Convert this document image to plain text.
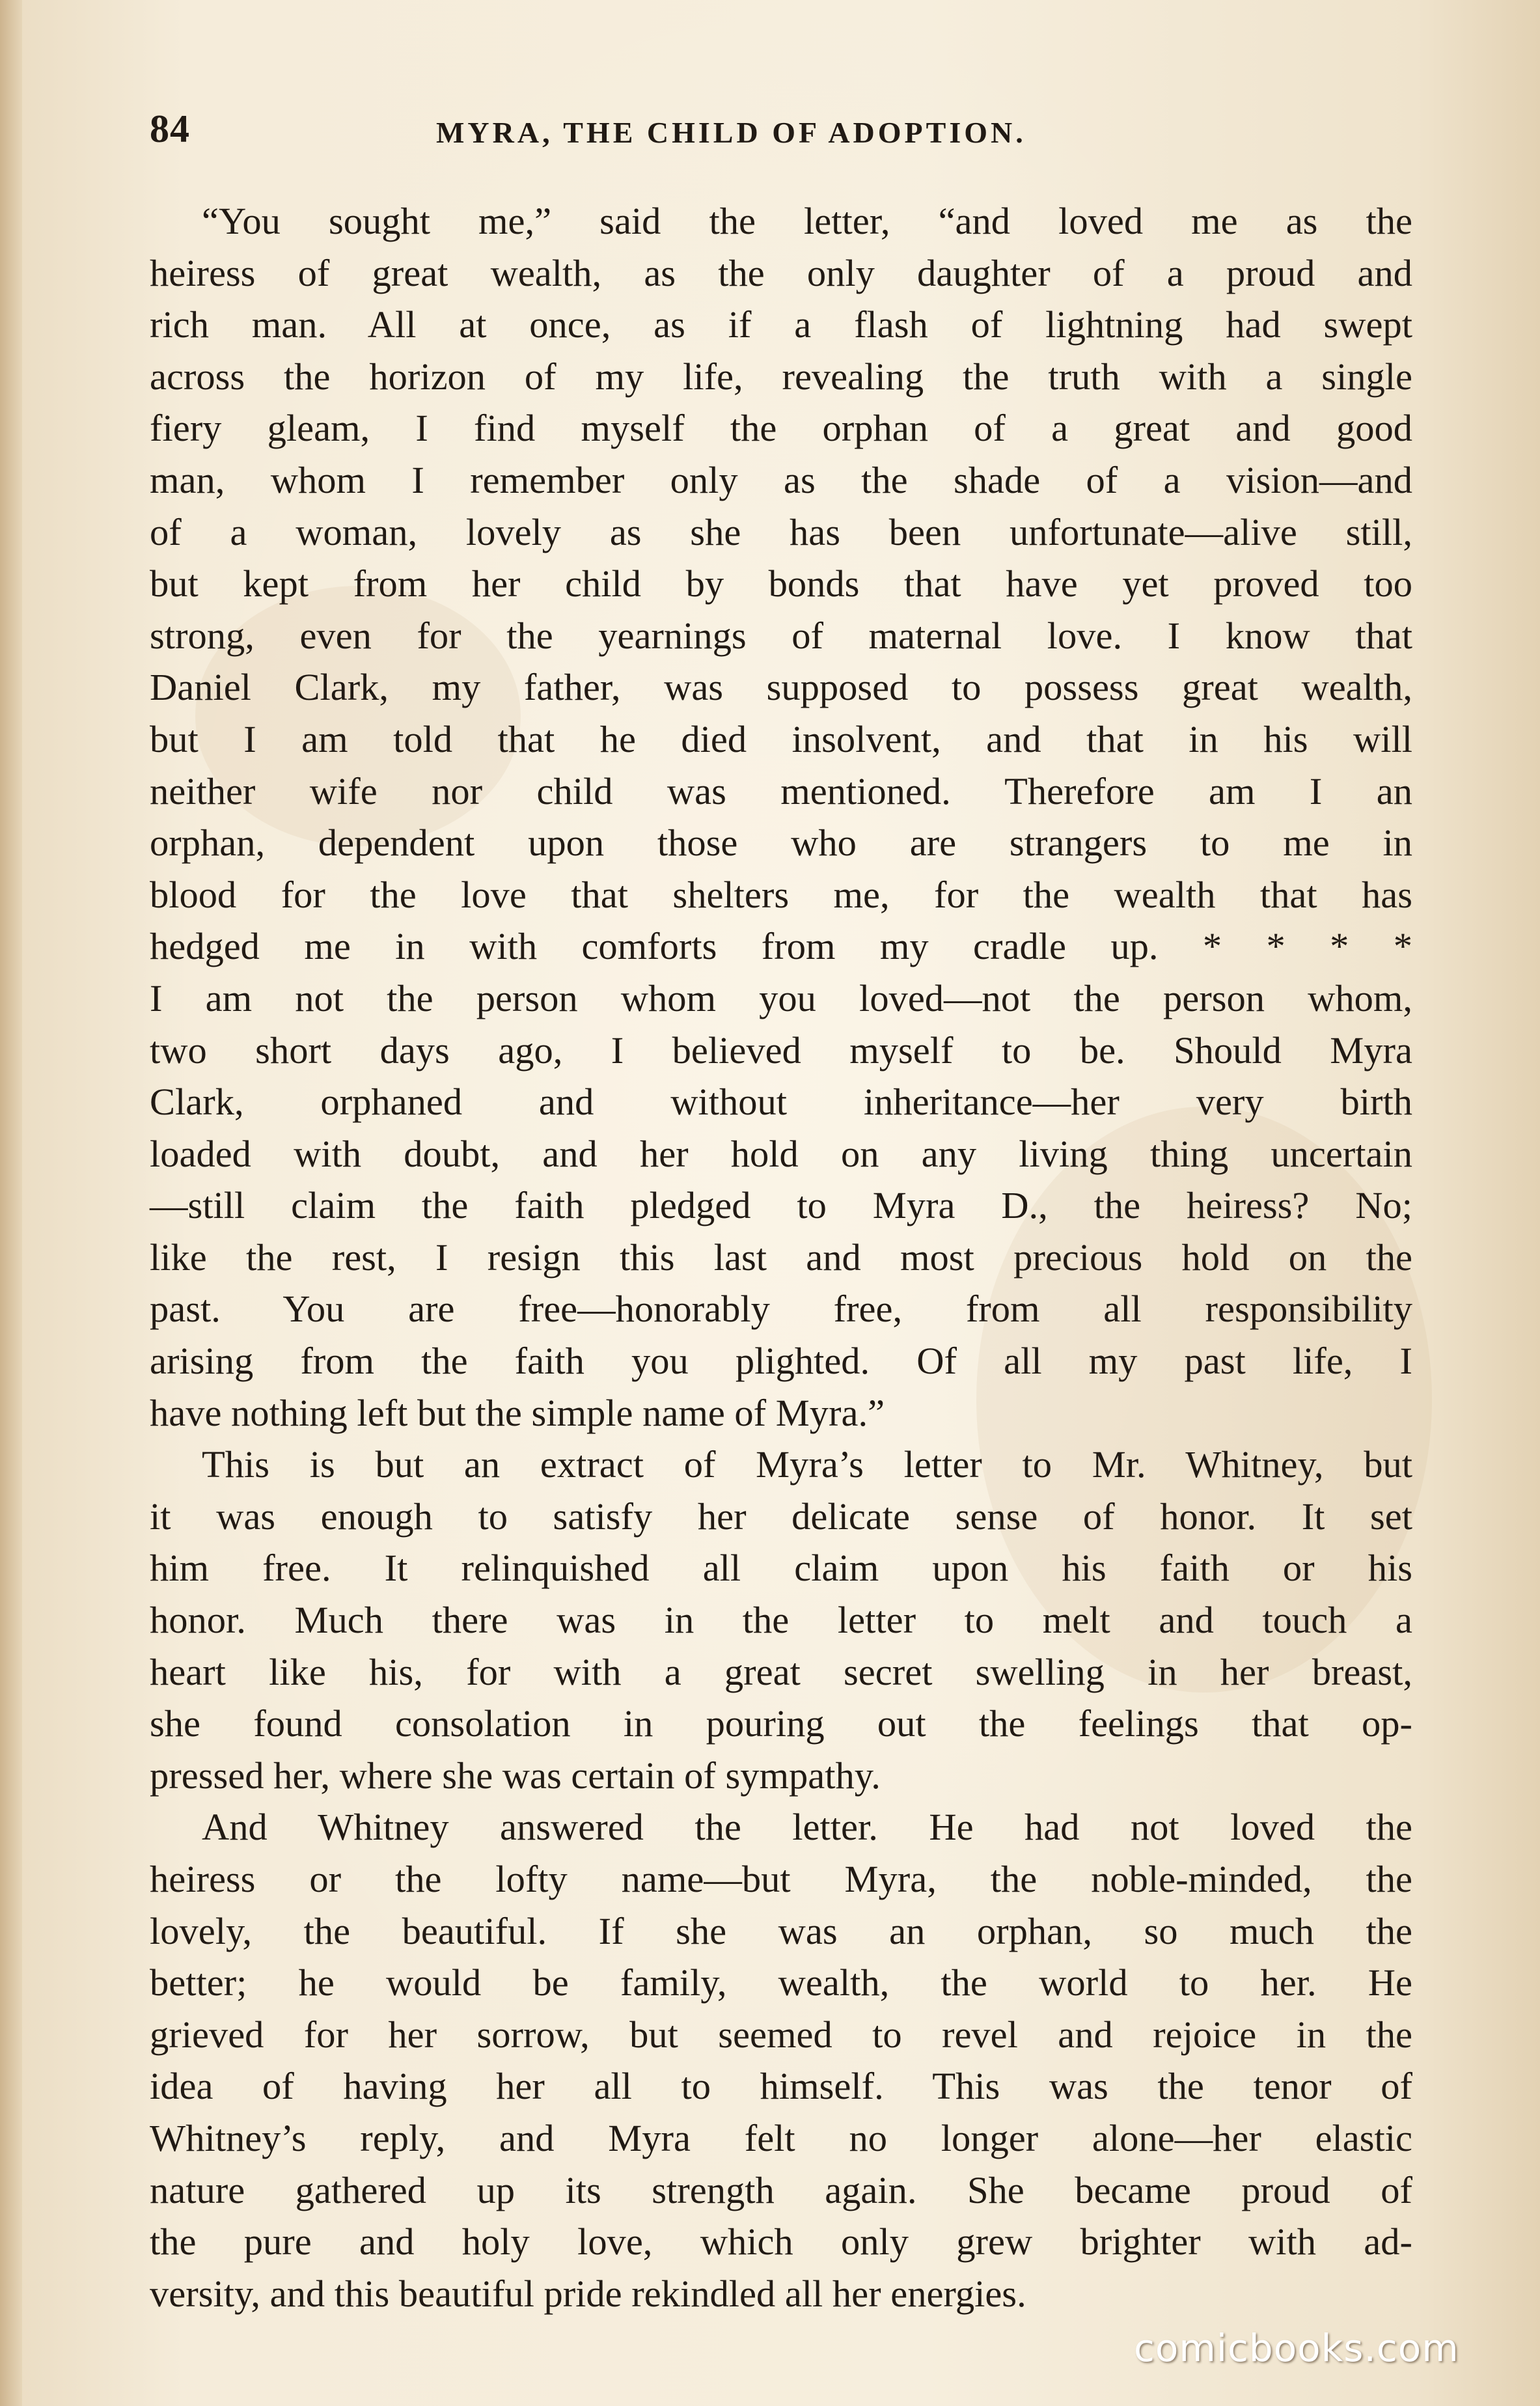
84	MYRA, THE CHILD OF ADOPTION.

“You sought me,” said the letter, “and loved me as the
heiress of great wealth, as the only daughter of a proud and
rich man. All at once, as if a flash of lightning had swept
across the horizon of my life, revealing the truth with a single
fiery gleam, I find myself the orphan of a great and good
man, whom I remember only as the shade of a vision—and
of a woman, lovely as she has been unfortunate—alive still,
but kept from her child by bonds that have yet proved too
strong, even for the yearnings of maternal love. I know that
Daniel Clark, my father, was supposed to possess great wealth,
but I am told that he died insolvent, and that in his will
neither wife nor child was mentioned. Therefore am I an
orphan, dependent upon those who are strangers to me in
blood for the love that shelters me, for the wealth that has
hedged me in with comforts from my cradle up. * * * *
I am not the person whom you loved—not the person whom,
two short days ago, I believed myself to be. Should Myra
Clark, orphaned and without inheritance—her very birth
loaded with doubt, and her hold on any living thing uncertain
—still claim the faith pledged to Myra D., the heiress? No;
like the rest, I resign this last and most precious hold on the
past. You are free—honorably free, from all responsibility
arising from the faith you plighted. Of all my past life, I
have nothing left but the simple name of Myra.”

This is but an extract of Myra’s letter to Mr. Whitney, but
it was enough to satisfy her delicate sense of honor. It set
him free. It relinquished all claim upon his faith or his
honor. Much there was in the letter to melt and touch a
heart like his, for with a great secret swelling in her breast,
she found consolation in pouring out the feelings that op-
pressed her, where she was certain of sympathy.

And Whitney answered the letter. He had not loved the
heiress or the lofty name—but Myra, the noble-minded, the
lovely, the beautiful. If she was an orphan, so much the
better; he would be family, wealth, the world to her. He
grieved for her sorrow, but seemed to revel and rejoice in the
idea of having her all to himself. This was the tenor of
Whitney’s reply, and Myra felt no longer alone—her elastic
nature gathered up its strength again. She became proud of
the pure and holy love, which only grew brighter with ad-
versity, and this beautiful pride rekindled all her energies.

comicbooks.com
